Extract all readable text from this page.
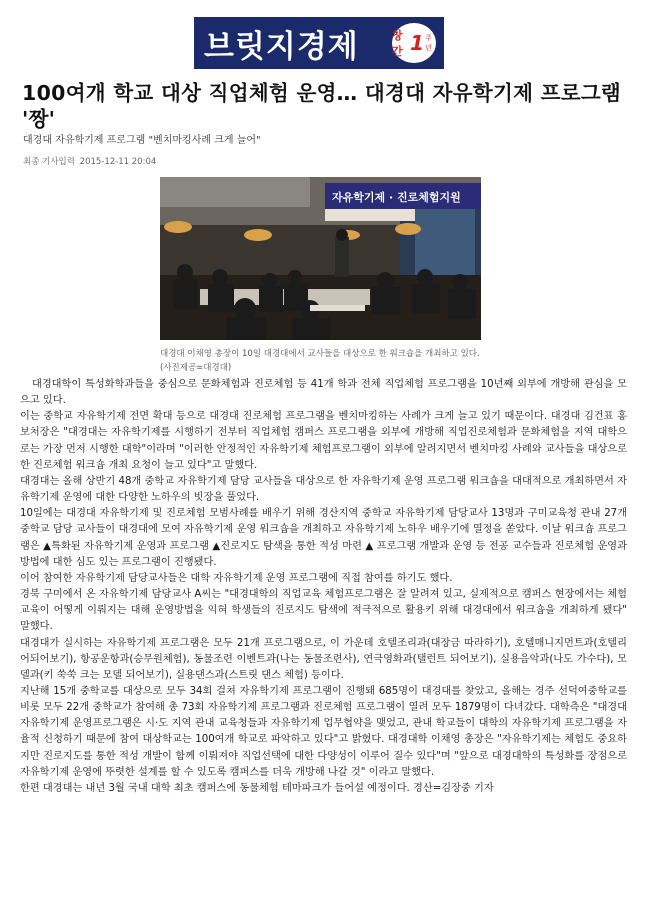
브릿지경제	창간 1 주년
100여개 학교 대상 직업체험 운영… 대경대 자유학기제 프로그램 '짱'
대경대 자유학기제 프로그램 "벤치마킹사례 크게 늘어"
최종 기사입력 2015-12-11 20:04
자유학기제 · 진로체험지원
대경대 이채영 총장이 10일 대경대에서 교사들을 대상으로 한 워크숍을 개최하고 있다.(사진제공=대경대)

대경대학이 특성화학과들을 중심으로 문화체험과 진로체험 등 41개 학과 전체 직업체험 프로그램을 10년째 외부에 개방해 관심을 모으고 있다.

이는 중학교 자유학기제 전면 확대 등으로 대경대 진로체험 프로그램을 벤치마킹하는 사례가 크게 늘고 있기 때문이다. 대경대 김건표 홍보처장은 "대경대는 자유학기제를 시행하기 전부터 직업체험 캠퍼스 프로그램을 외부에 개방해 직업진로체험과 문화체험을 지역 대학으로는 가장 먼저 시행한 대학"이라며 "이러한 안정적인 자유학기제 체험프로그램이 외부에 알려지면서 벤치마킹 사례와 교사들을 대상으로 한 진로체험 워크숍 개최 요청이 늘고 있다"고 말했다.

대경대는 올해 상반기 48개 중학교 자유학기제 담당 교사들을 대상으로 한 자유학기제 운영 프로그램 워크숍을 대대적으로 개최하면서 자유학기제 운영에 대한 다양한 노하우의 빗장을 풀었다.

10일에는 대경대 자유학기제 및 진로체험 모범사례를 배우기 위해 경산지역 중학교 자유학기제 담당교사 13명과 구미교육청 관내 27개 중학교 담당 교사들이 대경대에 모여 자유학기제 운영 워크숍을 개최하고 자유학기제 노하우 배우기에 열정을 쏟았다. 이날 워크숍 프로그램은 ▲특화된 자유학기제 운영과 프로그램 ▲진로지도 탐색을 통한 적성 마련 ▲ 프로그램 개발과 운영 등 전공 교수들과 진로체험 운영과 방법에 대한 심도 있는 프로그램이 진행됐다.

이어 참여한 자유학기제 담당교사들은 대학 자유학기제 운영 프로그램에 직접 참여를 하기도 했다.

경북 구미에서 온 자유학기제 담당교사 A씨는 "대경대학의 직업교육 체험프로그램은 잘 알려져 있고, 실제적으로 캠퍼스 현장에서는 체험교육이 어떻게 이뤄지는 대해 운영방법을 익혀 학생들의 진로지도 탐색에 적극적으로 활용키 위해 대경대에서 워크숍을 개최하게 됐다" 말했다.

대경대가 실시하는 자유학기제 프로그램은 모두 21개 프로그램으로, 이 가운데 호텔조리과(대장금 따라하기), 호텔매니지먼트과(호텔리어되어보기), 항공운항과(승무원체험), 동물조련 이벤트과(나는 동물조련사), 연극영화과(탤런트 되어보기), 실용음악과(나도 가수다), 모델과(키 쑥쑥 크는 모델 되어보기), 실용댄스과(스트릿 댄스 체험) 등이다.

지난해 15개 중학교를 대상으로 모두 34회 걸쳐 자유학기제 프로그램이 진행돼 685명이 대경대를 찾았고, 올해는 경주 선덕여중학교를 비롯 모두 22개 중학교가 참여해 총 73회 자유학기제 프로그램과 진로체험 프로그램이 열려 모두 1879명이 다녀갔다. 대학측은 "대경대 자유학기제 운영프로그램은 시·도 지역 관내 교육청들과 자유학기제 업무협약을 맺었고, 관내 학교들이 대학의 자유학기제 프로그램을 자율적 신청하기 때문에 참여 대상학교는 100여개 학교로 파악하고 있다"고 밝혔다. 대경대학 이채영 총장은 "자유학기제는 체험도 중요하지만 진로지도를 통한 적성 개발이 함께 이뤄져야 직업선택에 대한 다양성이 이루어 질수 있다"며 "앞으로 대경대학의 특성화를 장점으로 자유학기제 운영에 뚜렷한 설계를 할 수 있도록 캠퍼스를 더욱 개방해 나갈 것" 이라고 말했다.

한편 대경대는 내년 3월 국내 대학 최초 캠퍼스에 동물체험 테마파크가 들어설 예정이다. 경산=김장중 기자
